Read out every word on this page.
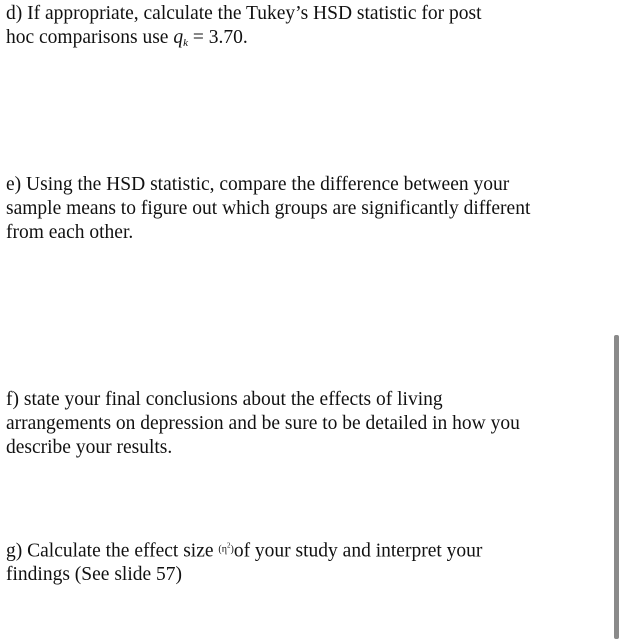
d) If appropriate, calculate the Tukey’s HSD statistic for post
hoc comparisons use $q_k = 3.70$.
e) Using the HSD statistic, compare the difference between your sample means to figure out which groups are significantly different from each other.
f) state your final conclusions about the effects of living arrangements on depression and be sure to be detailed in how you describe your results.
g) Calculate the effect size $^{(\eta^2)}$of your study and interpret your findings (See slide 57)
